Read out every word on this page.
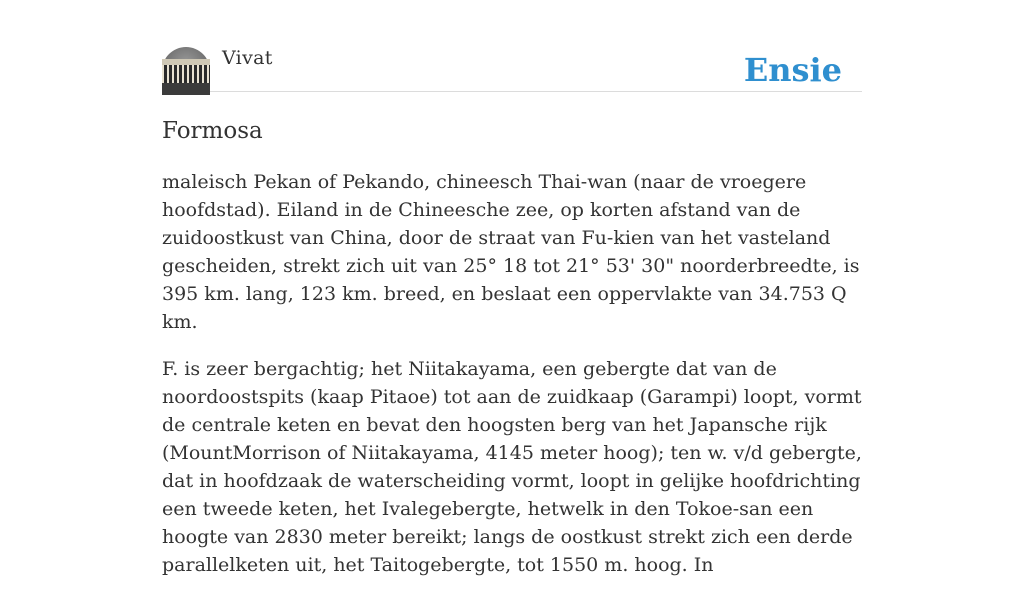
Vivat	Ensie
Formosa

maleisch Pekan of Pekando, chineesch Thai-wan (naar de vroegere hoofdstad). Eiland in de Chineesche zee, op korten afstand van de zuidoostkust van China, door de straat van Fu-kien van het vasteland gescheiden, strekt zich uit van 25° 18 tot 21° 53' 30" noorderbreedte, is 395 km. lang, 123 km. breed, en beslaat een oppervlakte van 34.753 Q km.

F. is zeer bergachtig; het Niitakayama, een gebergte dat van de noordoostspits (kaap Pitaoe) tot aan de zuidkaap (Garampi) loopt, vormt de centrale keten en bevat den hoogsten berg van het Japansche rijk (MountMorrison of Niitakayama, 4145 meter hoog); ten w. v/d gebergte, dat in hoofdzaak de waterscheiding vormt, loopt in gelijke hoofdrichting een tweede keten, het Ivalegebergte, hetwelk in den Tokoe-san een hoogte van 2830 meter bereikt; langs de oostkust strekt zich een derde parallelketen uit, het Taitogebergte, tot 1550 m. hoog. In
